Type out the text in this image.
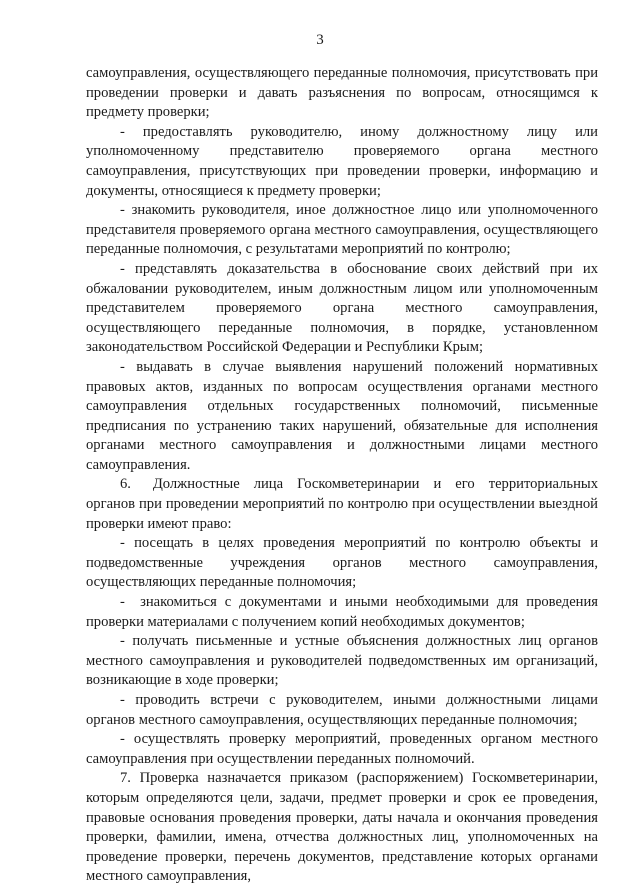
3

самоуправления, осуществляющего переданные полномочия, присутствовать при проведении проверки и давать разъяснения по вопросам, относящимся к предмету проверки;

- предоставлять руководителю, иному должностному лицу или уполномоченному представителю проверяемого органа местного самоуправления, присутствующих при проведении проверки, информацию и документы, относящиеся к предмету проверки;

- знакомить руководителя, иное должностное лицо или уполномоченного представителя проверяемого органа местного самоуправления, осуществляющего переданные полномочия, с результатами мероприятий по контролю;

- представлять доказательства в обоснование своих действий при их обжаловании руководителем, иным должностным лицом или уполномоченным представителем проверяемого органа местного самоуправления, осуществляющего переданные полномочия, в порядке, установленном законодательством Российской Федерации и Республики Крым;

- выдавать в случае выявления нарушений положений нормативных правовых актов, изданных по вопросам осуществления органами местного самоуправления отдельных государственных полномочий, письменные предписания по устранению таких нарушений, обязательные для исполнения органами местного самоуправления и должностными лицами местного самоуправления.

6.  Должностные лица Госкомветеринарии и его территориальных органов при проведении мероприятий по контролю при осуществлении выездной проверки имеют право:

- посещать в целях проведения мероприятий по контролю объекты и подведомственные учреждения органов местного самоуправления, осуществляющих переданные полномочия;

-  знакомиться с документами и иными необходимыми для проведения проверки материалами с получением копий необходимых документов;

- получать письменные и устные объяснения должностных лиц органов местного самоуправления и руководителей подведомственных им организаций, возникающие в ходе проверки;

- проводить встречи с руководителем, иными должностными лицами органов местного самоуправления, осуществляющих переданные полномочия;

- осуществлять проверку мероприятий, проведенных органом местного самоуправления при осуществлении переданных полномочий.

7. Проверка назначается приказом (распоряжением) Госкомветеринарии, которым определяются цели, задачи, предмет проверки и срок ее проведения, правовые основания проведения проверки, даты начала и окончания проведения проверки, фамилии, имена, отчества должностных лиц, уполномоченных на проведение проверки, перечень документов, представление которых органами местного самоуправления,
